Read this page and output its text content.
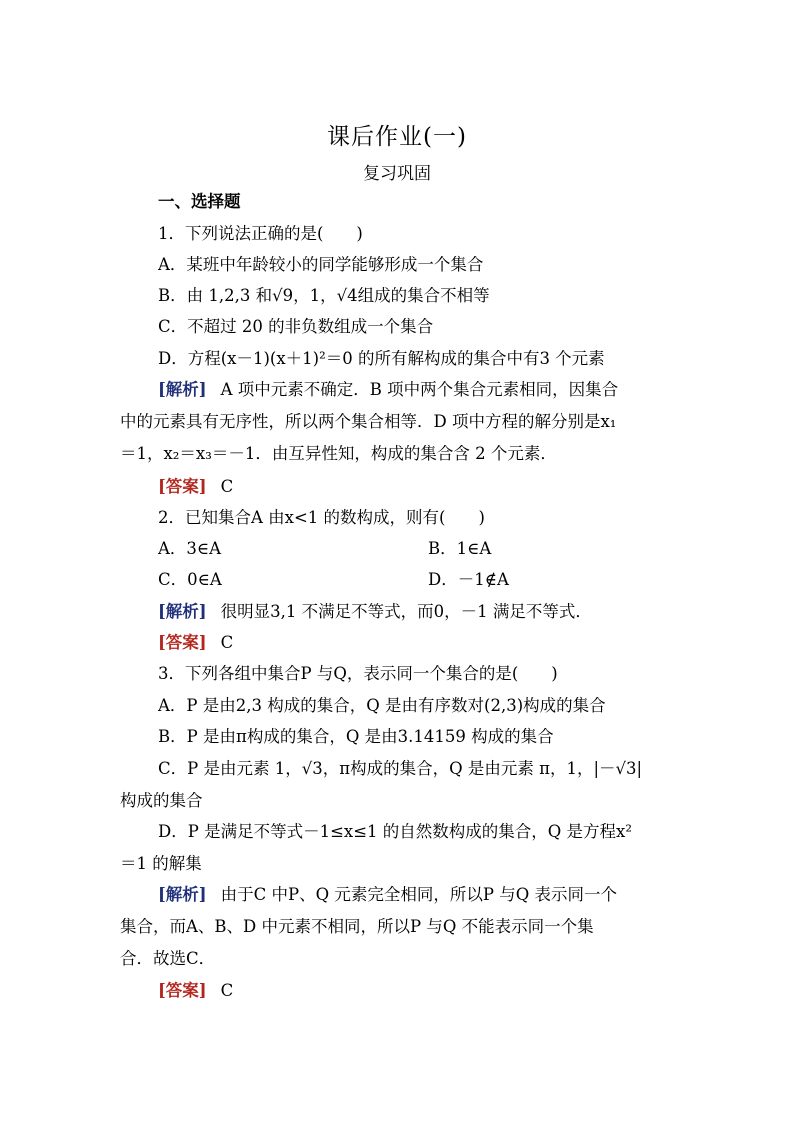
课后作业(一)
复习巩固
一、选择题
1．下列说法正确的是(　　)
A．某班中年龄较小的同学能够形成一个集合
B．由 1,2,3 和√9，1，√4组成的集合不相等
C．不超过 20 的非负数组成一个集合
D．方程(x－1)(x＋1)²＝0 的所有解构成的集合中有3 个元素
[解析] A 项中元素不确定．B 项中两个集合元素相同，因集合
中的元素具有无序性，所以两个集合相等．D 项中方程的解分别是x₁
＝1，x₂＝x₃＝－1．由互异性知，构成的集合含 2 个元素．
[答案] C
2．已知集合A 由x<1 的数构成，则有(　　)
A．3∈A	B．1∈A
C．0∈A	D．－1∉A
[解析] 很明显3,1 不满足不等式，而0，－1 满足不等式．
[答案] C
3．下列各组中集合P 与Q，表示同一个集合的是(　　)
A．P 是由2,3 构成的集合，Q 是由有序数对(2,3)构成的集合
B．P 是由π构成的集合，Q 是由3.14159 构成的集合
C．P 是由元素 1，√3，π构成的集合，Q 是由元素 π，1，|－√3|
构成的集合
D．P 是满足不等式－1≤x≤1 的自然数构成的集合，Q 是方程x²
＝1 的解集
[解析] 由于C 中P、Q 元素完全相同，所以P 与Q 表示同一个
集合，而A、B、D 中元素不相同，所以P 与Q 不能表示同一个集
合．故选C．
[答案] C
